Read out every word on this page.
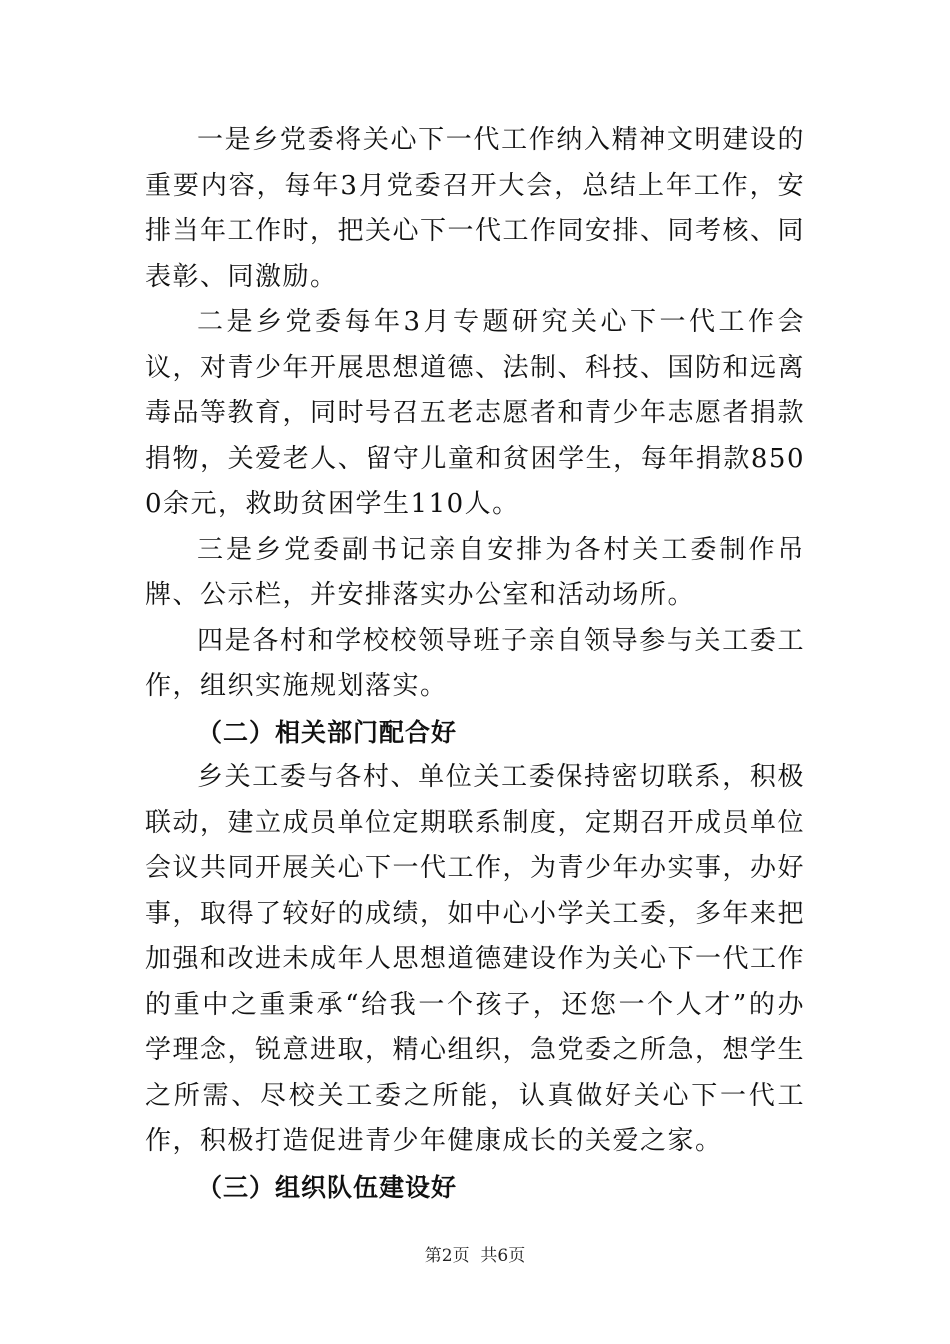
一是乡党委将关心下一代工作纳入精神文明建设的重要内容，每年3月党委召开大会，总结上年工作，安排当年工作时，把关心下一代工作同安排、同考核、同表彰、同激励。

二是乡党委每年3月专题研究关心下一代工作会议，对青少年开展思想道德、法制、科技、国防和远离毒品等教育，同时号召五老志愿者和青少年志愿者捐款捐物，关爱老人、留守儿童和贫困学生，每年捐款8500余元，救助贫困学生110人。

三是乡党委副书记亲自安排为各村关工委制作吊牌、公示栏，并安排落实办公室和活动场所。

四是各村和学校校领导班子亲自领导参与关工委工作，组织实施规划落实。

（二）相关部门配合好

乡关工委与各村、单位关工委保持密切联系，积极联动，建立成员单位定期联系制度，定期召开成员单位会议共同开展关心下一代工作，为青少年办实事，办好事，取得了较好的成绩，如中心小学关工委，多年来把加强和改进未成年人思想道德建设作为关心下一代工作的重中之重秉承“给我一个孩子，还您一个人才”的办学理念，锐意进取，精心组织，急党委之所急，想学生之所需、尽校关工委之所能，认真做好关心下一代工作，积极打造促进青少年健康成长的关爱之家。

（三）组织队伍建设好

第2页  共6页
